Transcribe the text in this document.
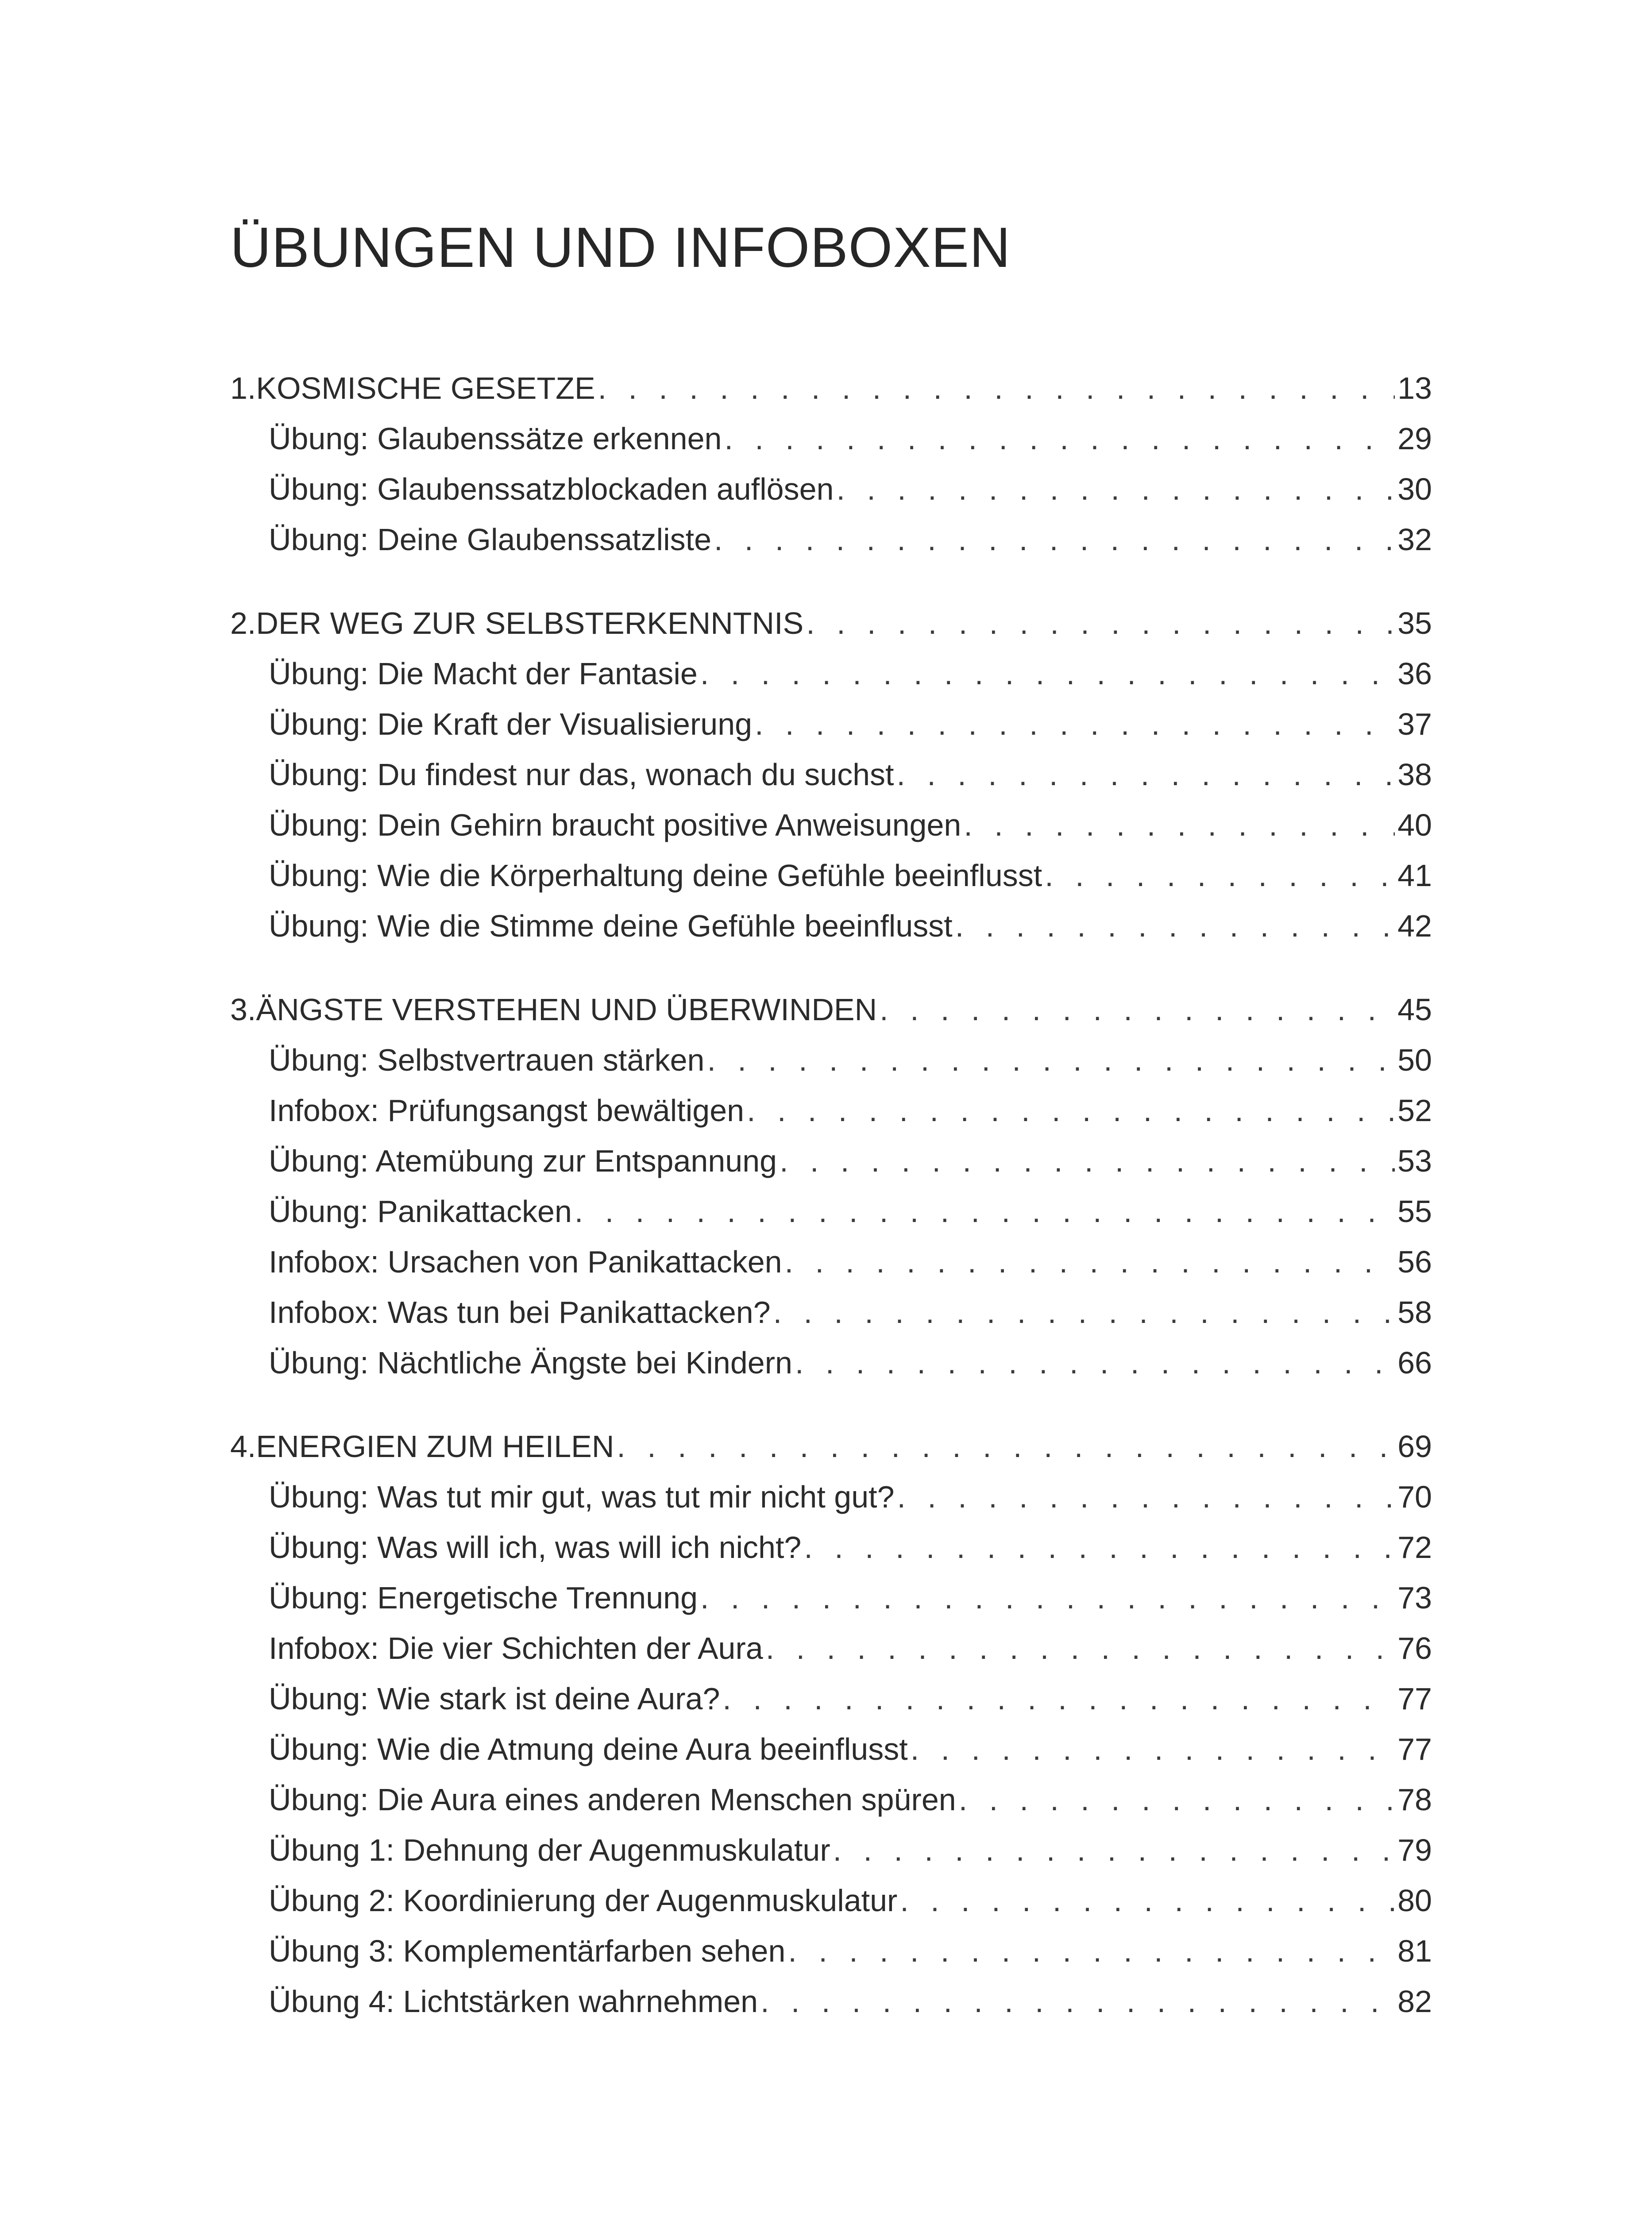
ÜBUNGEN UND INFOBOXEN
1. KOSMISCHE GESETZE . . .	13
Übung: Glaubenssätze erkennen . . .	29
Übung: Glaubenssatzblockaden auflösen . . .	30
Übung: Deine Glaubenssatzliste . . .	32
2. DER WEG ZUR SELBSTERKENNTNIS . . .	35
Übung: Die Macht der Fantasie . . .	36
Übung: Die Kraft der Visualisierung . . .	37
Übung: Du findest nur das, wonach du suchst . . .	38
Übung: Dein Gehirn braucht positive Anweisungen . . .	40
Übung: Wie die Körperhaltung deine Gefühle beeinflusst . . .	41
Übung: Wie die Stimme deine Gefühle beeinflusst . . .	42
3. ÄNGSTE VERSTEHEN UND ÜBERWINDEN . . .	45
Übung: Selbstvertrauen stärken . . .	50
Infobox: Prüfungsangst bewältigen . . .	52
Übung: Atemübung zur Entspannung . . .	53
Übung: Panikattacken . . .	55
Infobox: Ursachen von Panikattacken . . .	56
Infobox: Was tun bei Panikattacken? . . .	58
Übung: Nächtliche Ängste bei Kindern . . .	66
4. ENERGIEN ZUM HEILEN . . .	69
Übung: Was tut mir gut, was tut mir nicht gut? . . .	70
Übung: Was will ich, was will ich nicht? . . .	72
Übung: Energetische Trennung . . .	73
Infobox: Die vier Schichten der Aura . . .	76
Übung: Wie stark ist deine Aura? . . .	77
Übung: Wie die Atmung deine Aura beeinflusst . . .	77
Übung: Die Aura eines anderen Menschen spüren . . .	78
Übung 1: Dehnung der Augenmuskulatur . . .	79
Übung 2: Koordinierung der Augenmuskulatur . . .	80
Übung 3: Komplementärfarben sehen . . .	81
Übung 4: Lichtstärken wahrnehmen . . .	82
